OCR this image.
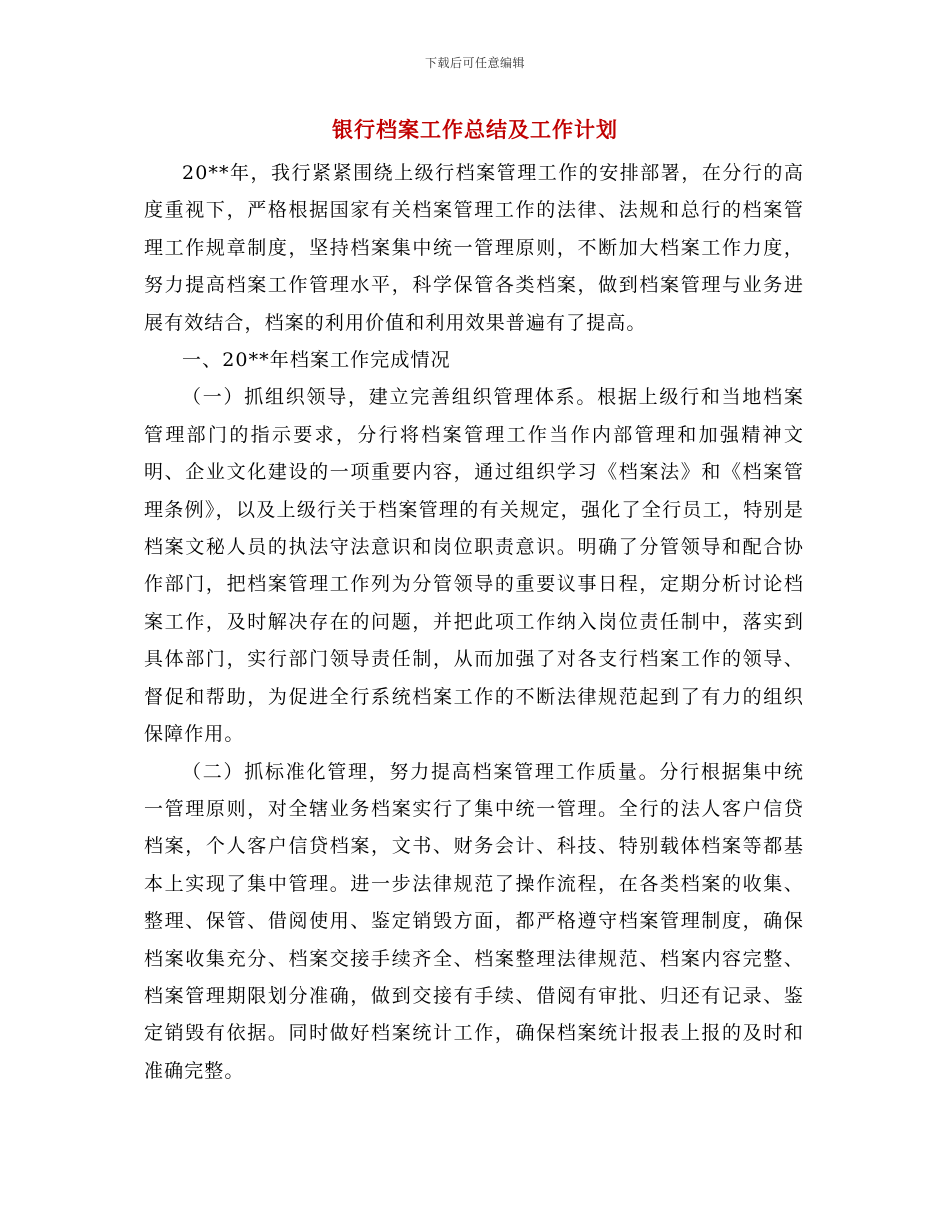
下载后可任意编辑
银行档案工作总结及工作计划

20**年，我行紧紧围绕上级行档案管理工作的安排部署，在分行的高度重视下，严格根据国家有关档案管理工作的法律、法规和总行的档案管理工作规章制度，坚持档案集中统一管理原则，不断加大档案工作力度，努力提高档案工作管理水平，科学保管各类档案，做到档案管理与业务进展有效结合，档案的利用价值和利用效果普遍有了提高。

一、20**年档案工作完成情况

（一）抓组织领导，建立完善组织管理体系。根据上级行和当地档案管理部门的指示要求，分行将档案管理工作当作内部管理和加强精神文明、企业文化建设的一项重要内容，通过组织学习《档案法》和《档案管理条例》，以及上级行关于档案管理的有关规定，强化了全行员工，特别是档案文秘人员的执法守法意识和岗位职责意识。明确了分管领导和配合协作部门，把档案管理工作列为分管领导的重要议事日程，定期分析讨论档案工作，及时解决存在的问题，并把此项工作纳入岗位责任制中，落实到具体部门，实行部门领导责任制，从而加强了对各支行档案工作的领导、督促和帮助，为促进全行系统档案工作的不断法律规范起到了有力的组织保障作用。

（二）抓标准化管理，努力提高档案管理工作质量。分行根据集中统一管理原则，对全辖业务档案实行了集中统一管理。全行的法人客户信贷档案，个人客户信贷档案，文书、财务会计、科技、特别载体档案等都基本上实现了集中管理。进一步法律规范了操作流程，在各类档案的收集、整理、保管、借阅使用、鉴定销毁方面，都严格遵守档案管理制度，确保档案收集充分、档案交接手续齐全、档案整理法律规范、档案内容完整、档案管理期限划分准确，做到交接有手续、借阅有审批、归还有记录、鉴定销毁有依据。同时做好档案统计工作，确保档案统计报表上报的及时和准确完整。
